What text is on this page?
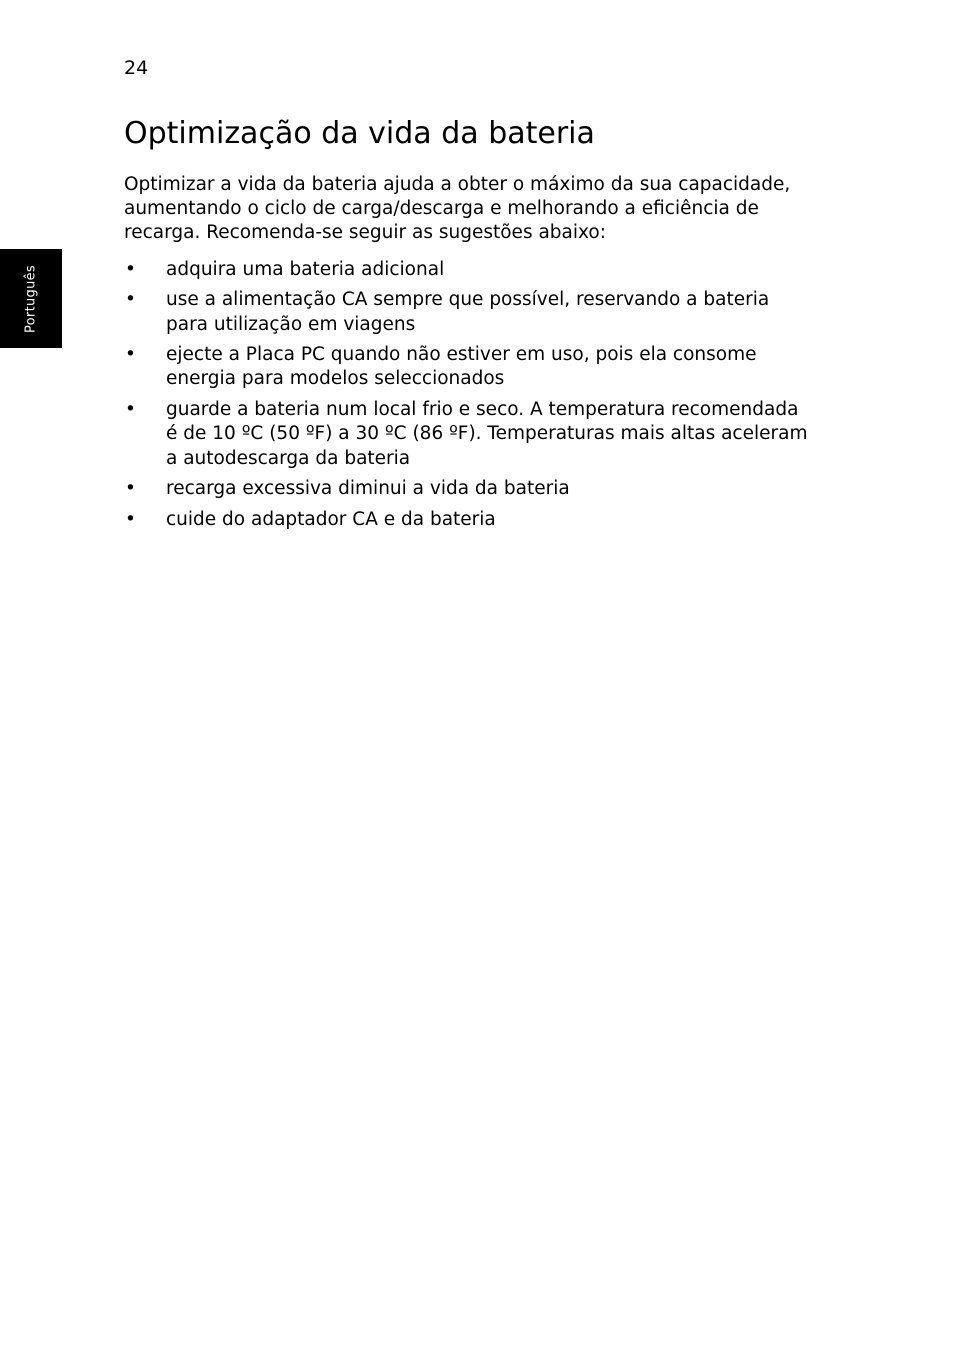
24
Português
Optimização da vida da bateria

Optimizar a vida da bateria ajuda a obter o máximo da sua capacidade, aumentando o ciclo de carga/descarga e melhorando a eficiência de recarga. Recomenda-se seguir as sugestões abaixo:

• adquira uma bateria adicional
• use a alimentação CA sempre que possível, reservando a bateria para utilização em viagens
• ejecte a Placa PC quando não estiver em uso, pois ela consome energia para modelos seleccionados
• guarde a bateria num local frio e seco. A temperatura recomendada é de 10 ºC (50 ºF) a 30 ºC (86 ºF). Temperaturas mais altas aceleram a autodescarga da bateria
• recarga excessiva diminui a vida da bateria
• cuide do adaptador CA e da bateria
